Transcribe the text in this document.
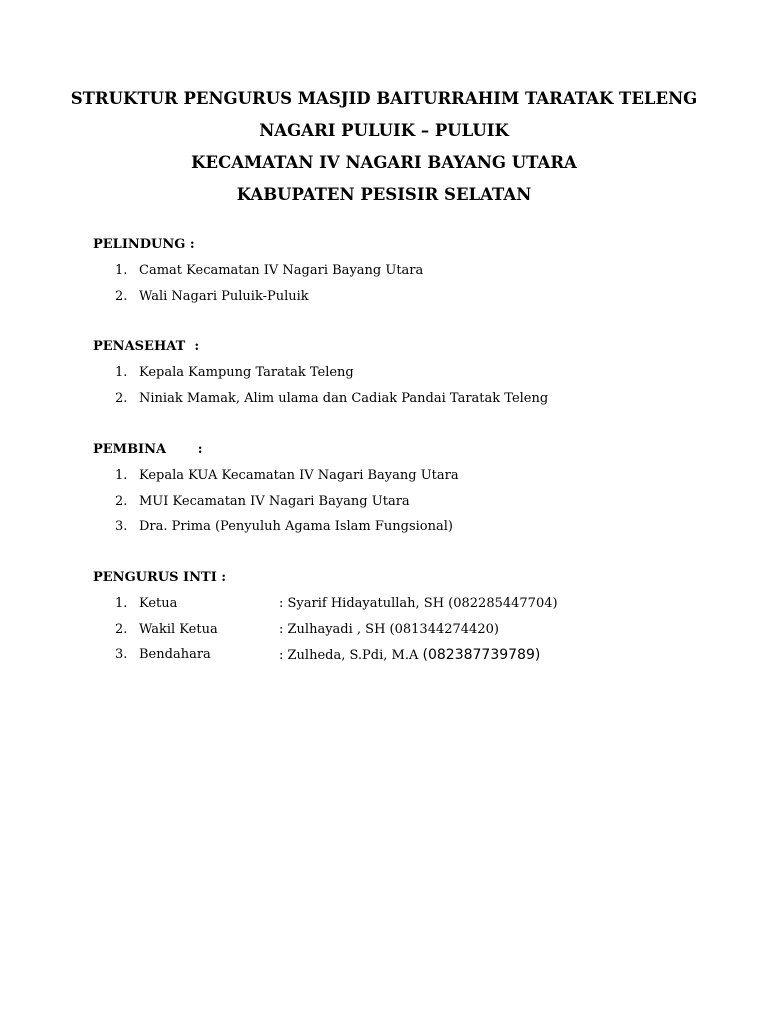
STRUKTUR PENGURUS MASJID BAITURRAHIM TARATAK TELENG
NAGARI PULUIK – PULUIK
KECAMATAN IV NAGARI BAYANG UTARA
KABUPATEN PESISIR SELATAN
PELINDUNG :
1. Camat Kecamatan IV Nagari Bayang Utara
2. Wali Nagari Puluik-Puluik
PENASEHAT  :
1. Kepala Kampung Taratak Teleng
2. Niniak Mamak, Alim ulama dan Cadiak Pandai Taratak Teleng
PEMBINA       :
1. Kepala KUA Kecamatan IV Nagari Bayang Utara
2. MUI Kecamatan IV Nagari Bayang Utara
3. Dra. Prima (Penyuluh Agama Islam Fungsional)
PENGURUS INTI :
1. Ketua	: Syarif Hidayatullah, SH (082285447704)
2. Wakil Ketua	: Zulhayadi , SH (081344274420)
3. Bendahara	: Zulheda, S.Pdi, M.A (082387739789)
